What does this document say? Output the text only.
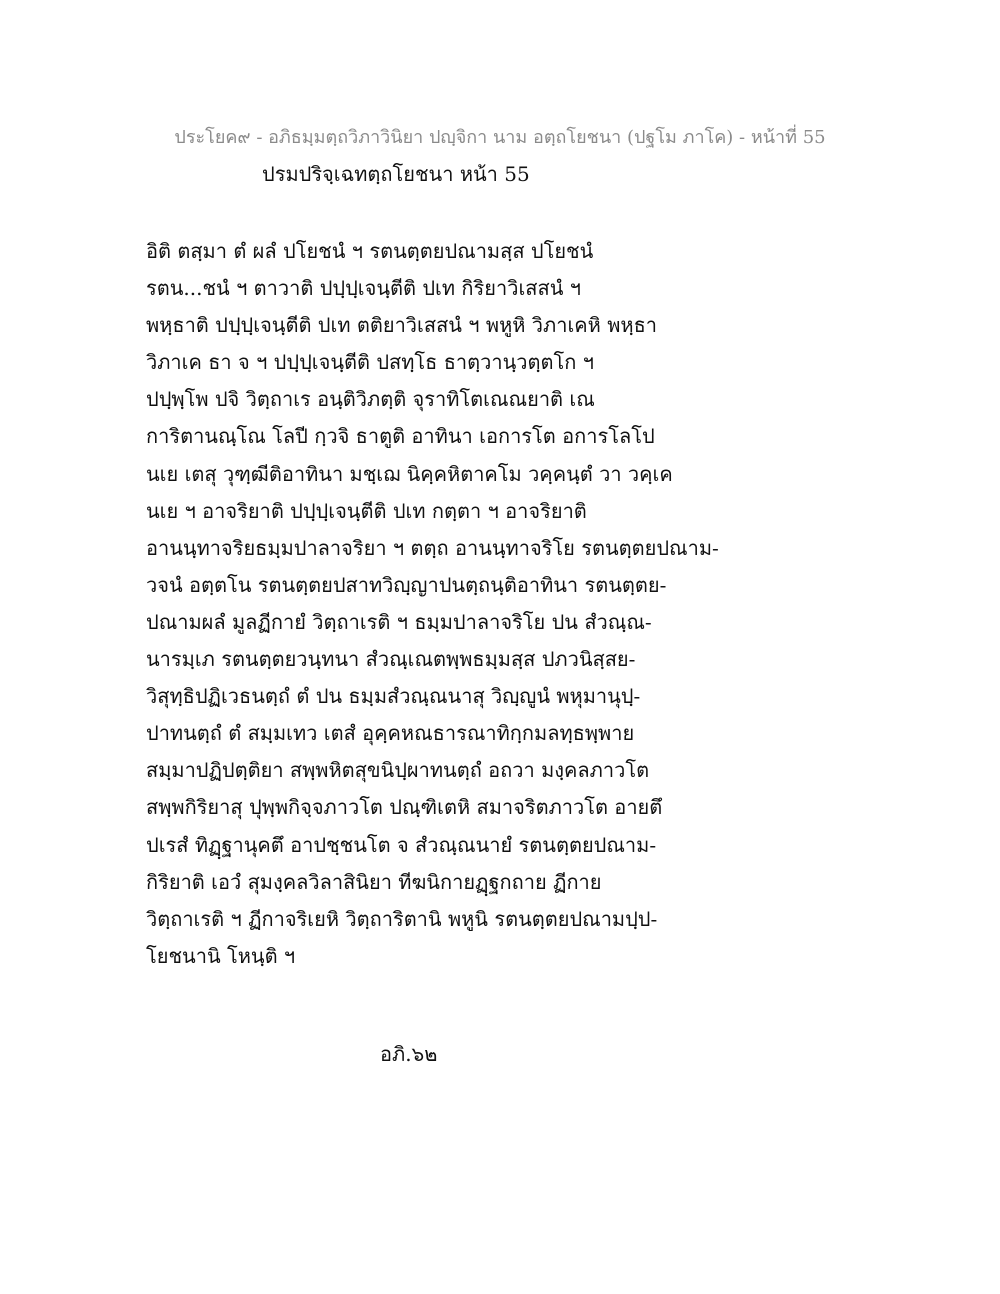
ประโยค๙ - อภิธมฺมตฺถวิภาวินิยา ปญฺจิกา นาม อตฺถโยชนา (ปฐโม ภาโค) - หน้าที่ 55
ปรมปริจฺเฉทตฺถโยชนา หน้า 55
อิติ ตสฺมา ตํ ผลํ ปโยชนํ ฯ รตนตฺตยปณามสฺส ปโยชนํ
รตน...ชนํ ฯ ตาวาติ ปปฺปฺเจนฺตีติ ปเท กิริยาวิเสสนํ ฯ
พหฺธาติ ปปฺปฺเจนฺตีติ ปเท ตติยาวิเสสนํ ฯ พหูหิ วิภาเคหิ พหฺธา
วิภาเค ธา จ ฯ ปปฺปฺเจนฺตีติ ปสทฺโธ ธาตฺวานฺวตฺตโก ฯ
ปปฺพฺโพ ปจิ วิตฺถาเร อนฺติวิภตฺติ จุราทิโตเณณยาติ เณ
การิตานณฺโณ โลปี กฺวจิ ธาตูติ อาทินา เอการโต อการโลโป
นเย เตสุ วุฑฺฒีติอาทินา มชฺเฌ นิคฺคหิตาคโม วคฺคนฺตํ วา วคฺเค
นเย ฯ อาจริยาติ ปปฺปฺเจนฺตีติ ปเท กตฺตา ฯ อาจริยาติ
อานนฺทาจริยธมฺมปาลาจริยา ฯ ตตฺถ อานนฺทาจริโย รตนตฺตยปณาม-
วจนํ อตฺตโน รตนตฺตยปสาทวิญฺญาปนตฺถนฺติอาทินา รตนตฺตย-
ปณามผลํ มูลฏีกายํ วิตฺถาเรติ ฯ ธมฺมปาลาจริโย ปน สํวณฺณ-
นารมฺเภ รตนตฺตยวนฺทนา สํวณฺเณตพฺพธมฺมสฺส ปภวนิสฺสย-
วิสุทฺธิปฏิเวธนตฺถํ ตํ ปน ธมฺมสํวณฺณนาสุ วิญฺญูนํ พหุมานุปฺ-
ปาทนตฺถํ ตํ สมฺมเทว เตสํ อุคฺคหณธารณาทิกฺกมลทฺธพฺพาย
สมฺมาปฏิปตฺติยา สพฺพหิตสุขนิปฺผาทนตฺถํ อถวา มงฺคลภาวโต
สพฺพกิริยาสุ ปุพฺพกิจฺจภาวโต ปณฺฑิเตหิ สมาจริตภาวโต อายตึ
ปเรสํ ทิฏฺฐานุคตึ อาปชฺชนโต จ สํวณฺณนายํ รตนตฺตยปณาม-
กิริยาติ เอวํ สุมงฺคลวิลาสินิยา ทีฆนิกายฏฺฐกถาย ฏีกาย
วิตฺถาเรติ ฯ ฏีกาจริเยหิ วิตฺถาริตานิ พหูนิ รตนตฺตยปณามปฺป-
โยชนานิ โหนฺติ ฯ
อภิ.๖๒
